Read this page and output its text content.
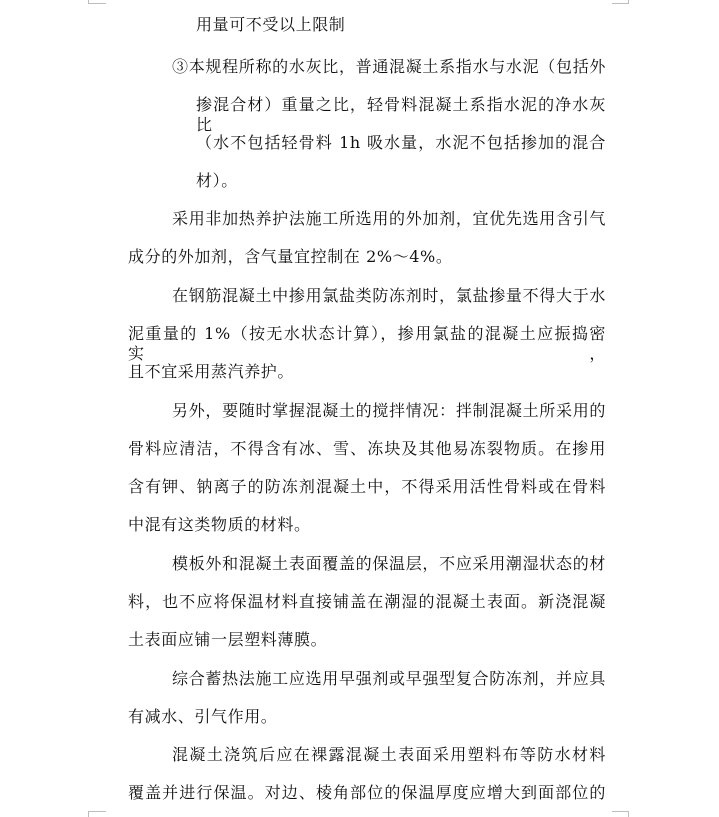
用量可不受以上限制
③本规程所称的水灰比，普通混凝土系指水与水泥（包括外
掺混合材）重量之比，轻骨料混凝土系指水泥的净水灰比
（水不包括轻骨料 1h 吸水量，水泥不包括掺加的混合
材）。
采用非加热养护法施工所选用的外加剂，宜优先选用含引气
成分的外加剂，含气量宜控制在 2%～4%。
在钢筋混凝土中掺用氯盐类防冻剂时，氯盐掺量不得大于水
泥重量的 1%（按无水状态计算），掺用氯盐的混凝土应振捣密实，
且不宜采用蒸汽养护。
另外，要随时掌握混凝土的搅拌情况：拌制混凝土所采用的
骨料应清洁，不得含有冰、雪、冻块及其他易冻裂物质。在掺用
含有钾、钠离子的防冻剂混凝土中，不得采用活性骨料或在骨料
中混有这类物质的材料。
模板外和混凝土表面覆盖的保温层，不应采用潮湿状态的材
料，也不应将保温材料直接铺盖在潮湿的混凝土表面。新浇混凝
土表面应铺一层塑料薄膜。
综合蓄热法施工应选用早强剂或早强型复合防冻剂，并应具
有减水、引气作用。
混凝土浇筑后应在裸露混凝土表面采用塑料布等防水材料
覆盖并进行保温。对边、棱角部位的保温厚度应增大到面部位的
